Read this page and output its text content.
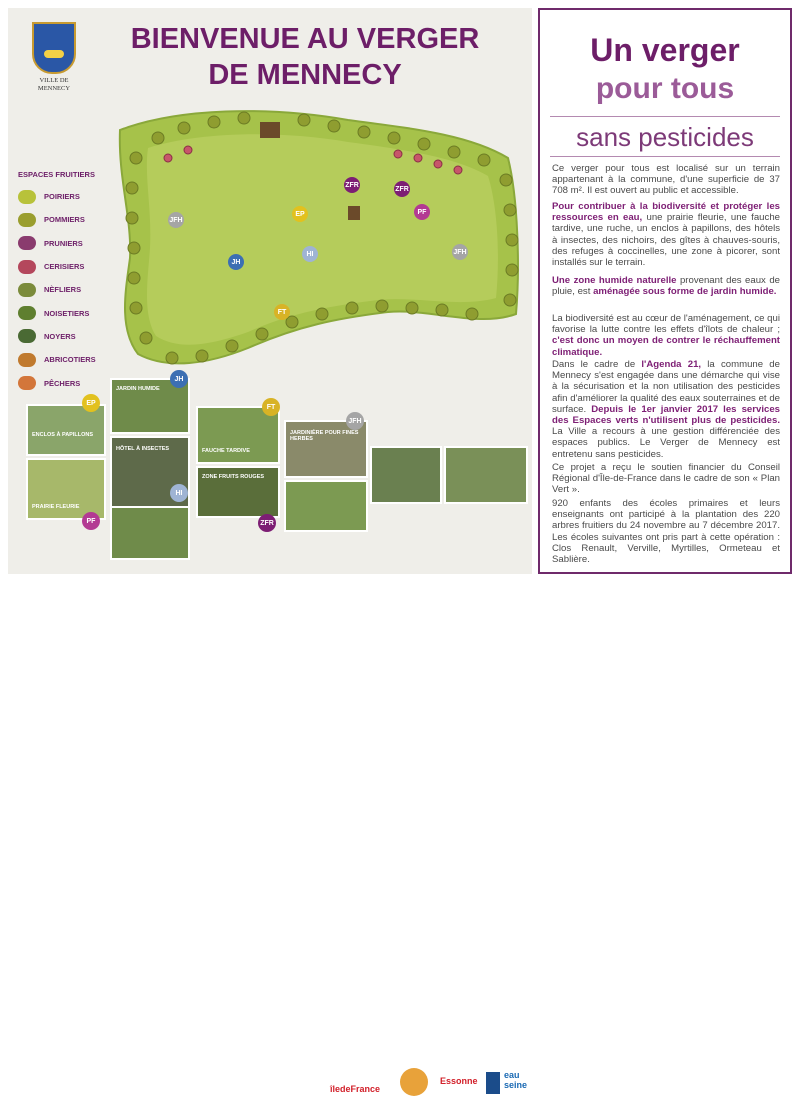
VILLE DE MENNECY
BIENVENUE AU VERGER
DE MENNECY
ESPACES FRUITIERS
POIRIERS
POMMIERS
PRUNIERS
CERISIERS
NÈFLIERS
NOISETIERS
NOYERS
ABRICOTIERS
PÊCHERS
ZFR
ZFR
JFH
EP	PF
JH
HI	JFH
FT
ENCLOS À PAPILLONS
EP
JARDIN HUMIDE
JH
FAUCHE TARDIVE
FT
JARDINIÈRE POUR FINES HERBES
JFH
HÔTEL À INSECTES
PRAIRIE FLEURIE
HI
ZONE FRUITS ROUGES
PF	ZFR
îledeFrance
Essonne
eau seine
Un verger
pour tous
sans pesticides
Ce verger pour tous est localisé sur un terrain appartenant à la commune, d'une superficie de 37 708 m². Il est ouvert au public et accessible.
Pour contribuer à la biodiversité et protéger les ressources en eau, une prairie fleurie, une fauche tardive, une ruche, un enclos à papillons, des hôtels à insectes, des nichoirs, des gîtes à chauves-souris, des refuges à coccinelles, une zone à picorer, sont installés sur le terrain.
Une zone humide naturelle provenant des eaux de pluie, est aménagée sous forme de jardin humide.
La biodiversité est au cœur de l'aménagement, ce qui favorise la lutte contre les effets d'îlots de chaleur ; c'est donc un moyen de contrer le réchauffement climatique.
Dans le cadre de l'Agenda 21, la commune de Mennecy s'est engagée dans une démarche qui vise à la sécurisation et la non utilisation des pesticides afin d'améliorer la qualité des eaux souterraines et de surface. Depuis le 1er janvier 2017 les services des Espaces verts n'utilisent plus de pesticides. La Ville a recours à une gestion différenciée des espaces publics. Le Verger de Mennecy est entretenu sans pesticides.
Ce projet a reçu le soutien financier du Conseil Régional d'Île-de-France dans le cadre de son « Plan Vert ».
920 enfants des écoles primaires et leurs enseignants ont participé à la plantation des 220 arbres fruitiers du 24 novembre au 7 décembre 2017. Les écoles suivantes ont pris part à cette opération : Clos Renault, Verville, Myrtilles, Ormeteau et Sablière.
